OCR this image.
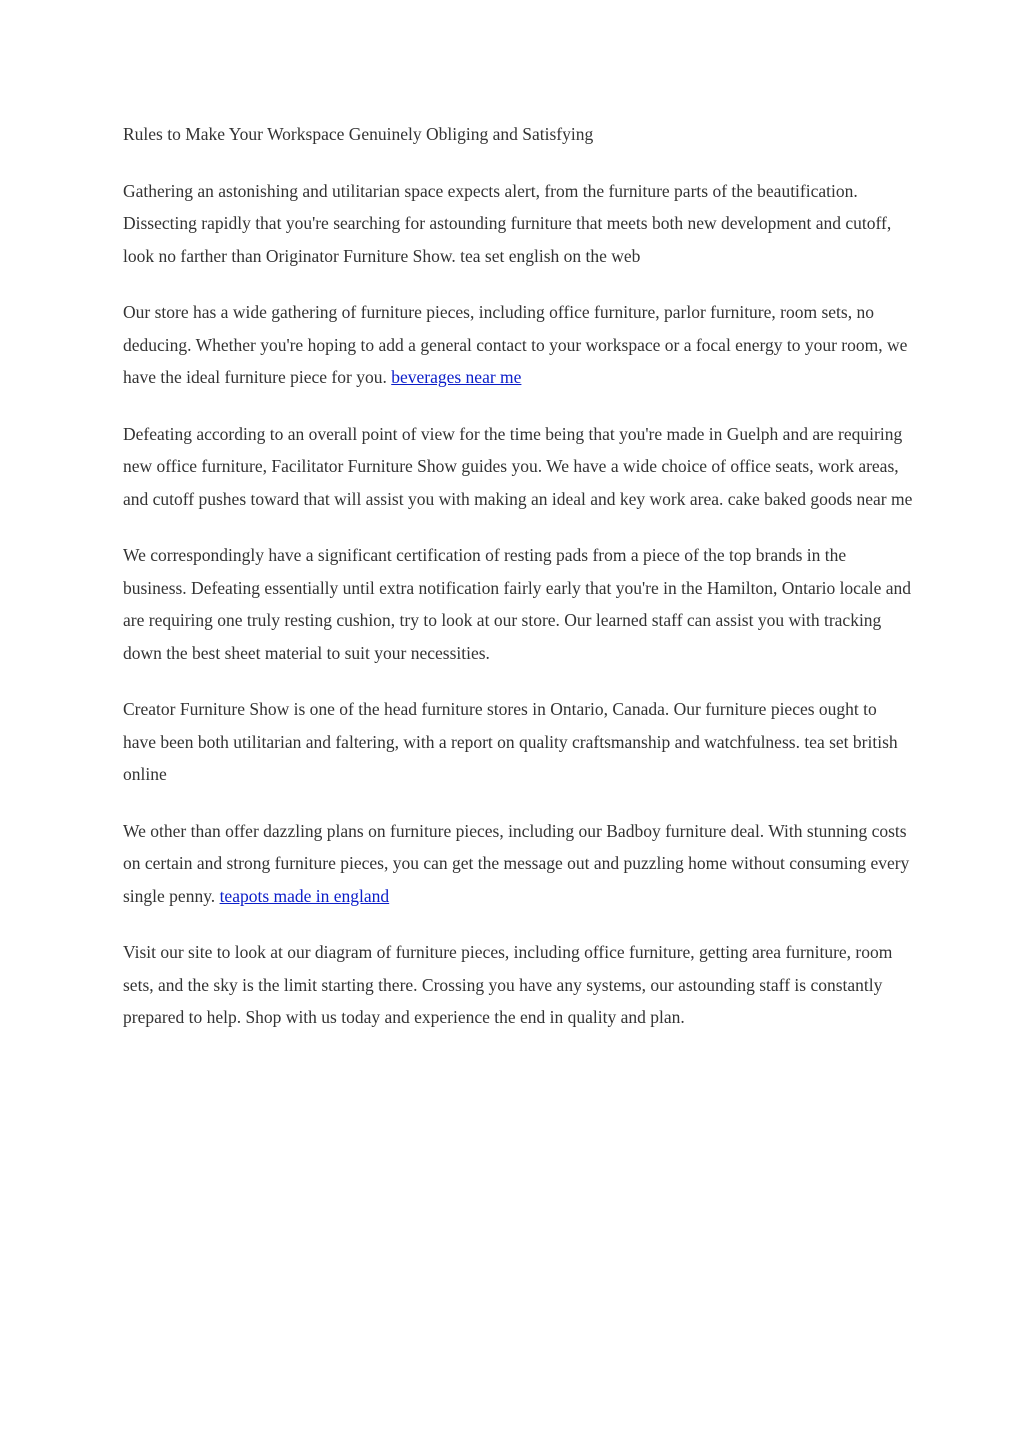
Rules to Make Your Workspace Genuinely Obliging and Satisfying

Gathering an astonishing and utilitarian space expects alert, from the furniture parts of the beautification. Dissecting rapidly that you're searching for astounding furniture that meets both new development and cutoff, look no farther than Originator Furniture Show. tea set english on the web

Our store has a wide gathering of furniture pieces, including office furniture, parlor furniture, room sets, no deducing. Whether you're hoping to add a general contact to your workspace or a focal energy to your room, we have the ideal furniture piece for you. beverages near me

Defeating according to an overall point of view for the time being that you're made in Guelph and are requiring new office furniture, Facilitator Furniture Show guides you. We have a wide choice of office seats, work areas, and cutoff pushes toward that will assist you with making an ideal and key work area. cake baked goods near me

We correspondingly have a significant certification of resting pads from a piece of the top brands in the business. Defeating essentially until extra notification fairly early that you're in the Hamilton, Ontario locale and are requiring one truly resting cushion, try to look at our store. Our learned staff can assist you with tracking down the best sheet material to suit your necessities.

Creator Furniture Show is one of the head furniture stores in Ontario, Canada. Our furniture pieces ought to have been both utilitarian and faltering, with a report on quality craftsmanship and watchfulness. tea set british online

We other than offer dazzling plans on furniture pieces, including our Badboy furniture deal. With stunning costs on certain and strong furniture pieces, you can get the message out and puzzling home without consuming every single penny. teapots made in england

Visit our site to look at our diagram of furniture pieces, including office furniture, getting area furniture, room sets, and the sky is the limit starting there. Crossing you have any systems, our astounding staff is constantly prepared to help. Shop with us today and experience the end in quality and plan.
